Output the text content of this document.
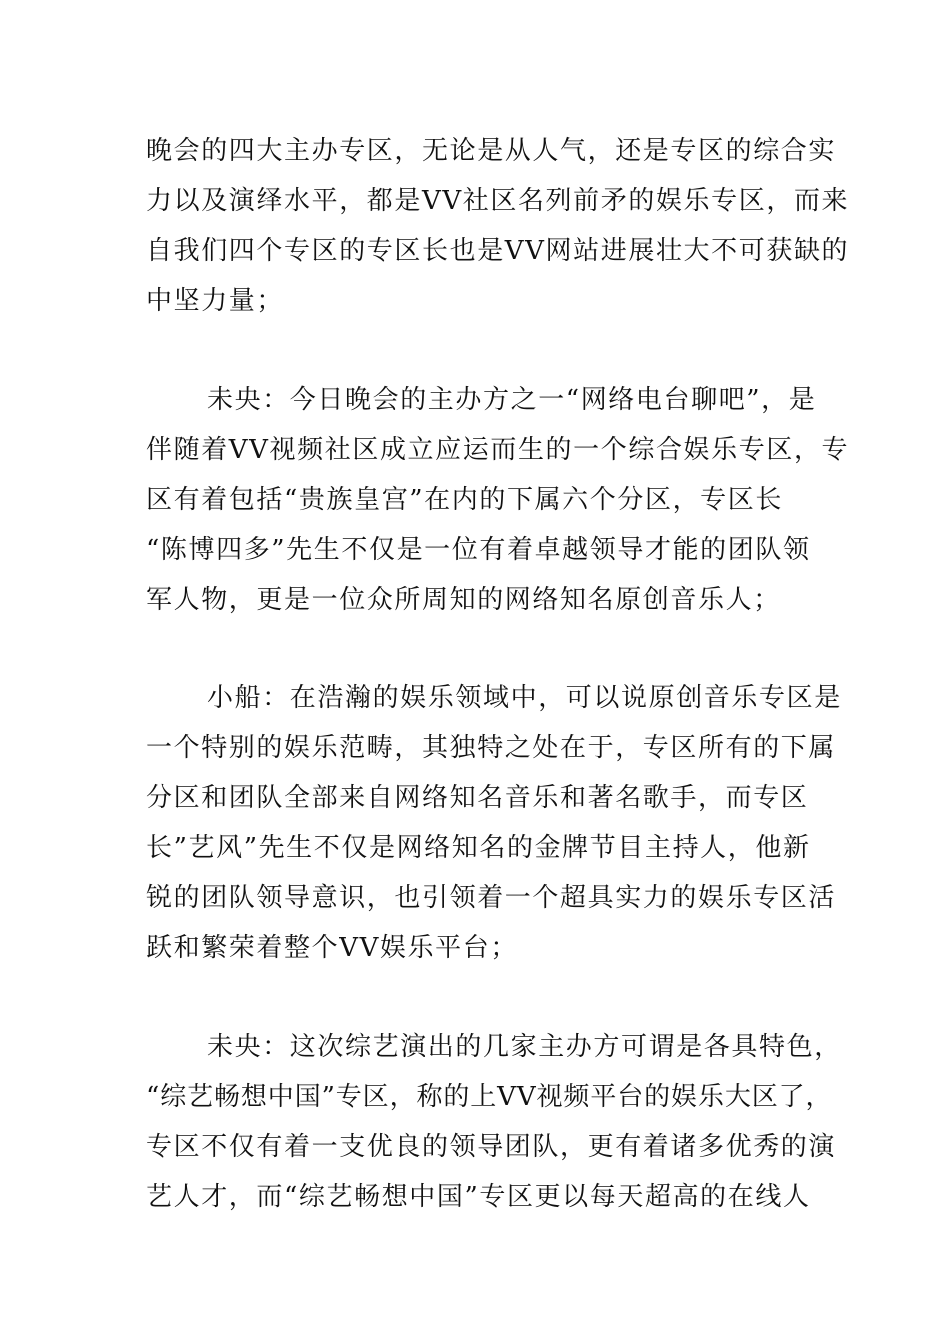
晚会的四大主办专区，无论是从人气，还是专区的综合实
力以及演绎水平，都是VV社区名列前矛的娱乐专区，而来
自我们四个专区的专区长也是VV网站进展壮大不可获缺的
中坚力量；
未央：今日晚会的主办方之一“网络电台聊吧”，是
伴随着VV视频社区成立应运而生的一个综合娱乐专区，专
区有着包括“贵族皇宫”在内的下属六个分区，专区长
“陈博四多”先生不仅是一位有着卓越领导才能的团队领
军人物，更是一位众所周知的网络知名原创音乐人；
小船：在浩瀚的娱乐领域中，可以说原创音乐专区是
一个特别的娱乐范畴，其独特之处在于，专区所有的下属
分区和团队全部来自网络知名音乐和著名歌手，而专区
长”艺风”先生不仅是网络知名的金牌节目主持人，他新
锐的团队领导意识，也引领着一个超具实力的娱乐专区活
跃和繁荣着整个VV娱乐平台；
未央：这次综艺演出的几家主办方可谓是各具特色，
“综艺畅想中国”专区，称的上VV视频平台的娱乐大区了，
专区不仅有着一支优良的领导团队，更有着诸多优秀的演
艺人才，而“综艺畅想中国”专区更以每天超高的在线人
